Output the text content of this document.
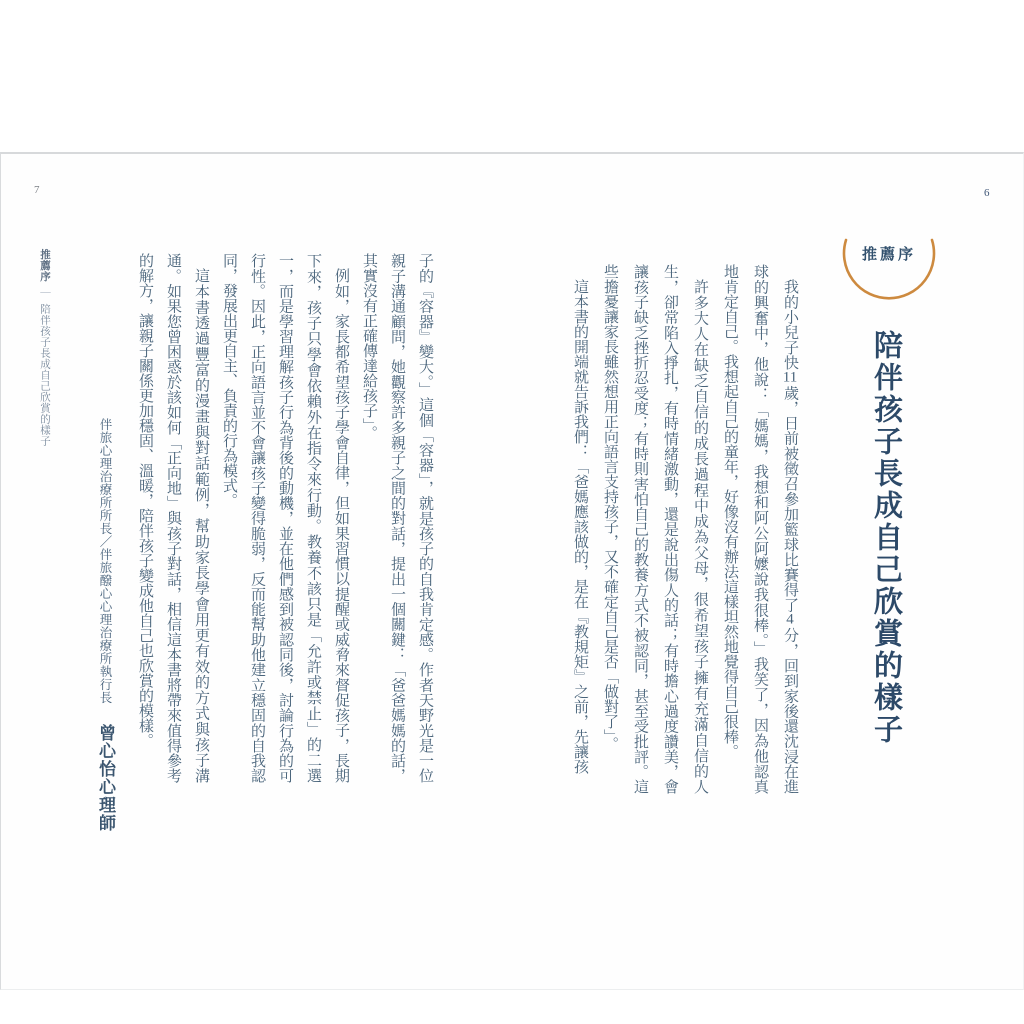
7	6
推薦序
陪伴孩子長成自己欣賞的樣子

我的小兒子快11歲，日前被徵召參加籃球比賽得了4分，回到家後還沈浸在進球的興奮中，他說：「媽媽，我想和阿公阿嬤說我很棒。」我笑了，因為他認真地肯定自己。我想起自己的童年，好像沒有辦法這樣坦然地覺得自己很棒。

許多大人在缺乏自信的成長過程中成為父母，很希望孩子擁有充滿自信的人生，卻常陷入掙扎，有時情緒激動，還是說出傷人的話；有時擔心過度讚美，會讓孩子缺乏挫折忍受度；有時則害怕自己的教養方式不被認同，甚至受批評。這些擔憂讓家長雖然想用正向語言支持孩子，又不確定自己是否「做對了」。

這本書的開端就告訴我們：「爸媽應該做的，是在『教規矩』之前，先讓孩

子的『容器』變大。」這個「容器」，就是孩子的自我肯定感。作者天野光是一位親子溝通顧問，她觀察許多親子之間的對話，提出一個關鍵：「爸爸媽媽的話，其實沒有正確傳達給孩子」。

例如，家長都希望孩子學會自律，但如果習慣以提醒或威脅來督促孩子，長期下來，孩子只學會依賴外在指令來行動。教養不該只是「允許或禁止」的二選一，而是學習理解孩子行為背後的動機，並在他們感到被認同後，討論行為的可行性。因此，正向語言並不會讓孩子變得脆弱，反而能幫助他建立穩固的自我認同，發展出更自主、負責的行為模式。

這本書透過豐富的漫畫與對話範例，幫助家長學會用更有效的方式與孩子溝通。如果您曾困惑於該如何「正向地」與孩子對話，相信這本書將帶來值得參考的解方，讓親子關係更加穩固、溫暖，陪伴孩子變成他自己也欣賞的模樣。

伴旅心理治療所所長／伴旅醱心心理治療所執行長 曾心怡心理師
推薦序 ｜ 陪伴孩子長成自己欣賞的樣子
